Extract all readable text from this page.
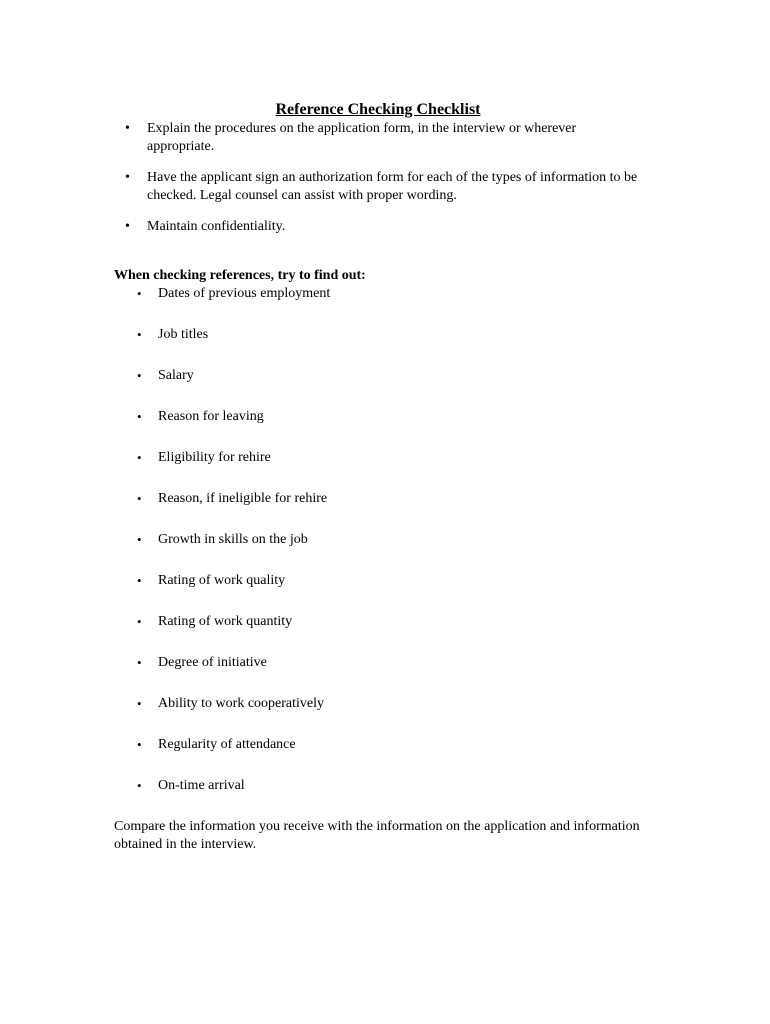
Reference Checking Checklist
•	Explain the procedures on the application form, in the interview or wherever appropriate.
•	Have the applicant sign an authorization form for each of the types of information to be checked. Legal counsel can assist with proper wording.
•	Maintain confidentiality.

When checking references, try to find out:

•	Dates of previous employment
•	Job titles
•	Salary
•	Reason for leaving
•	Eligibility for rehire
•	Reason, if ineligible for rehire
•	Growth in skills on the job
•	Rating of work quality
•	Rating of work quantity
•	Degree of initiative
•	Ability to work cooperatively
•	Regularity of attendance
•	On-time arrival

Compare the information you receive with the information on the application and information obtained in the interview.
